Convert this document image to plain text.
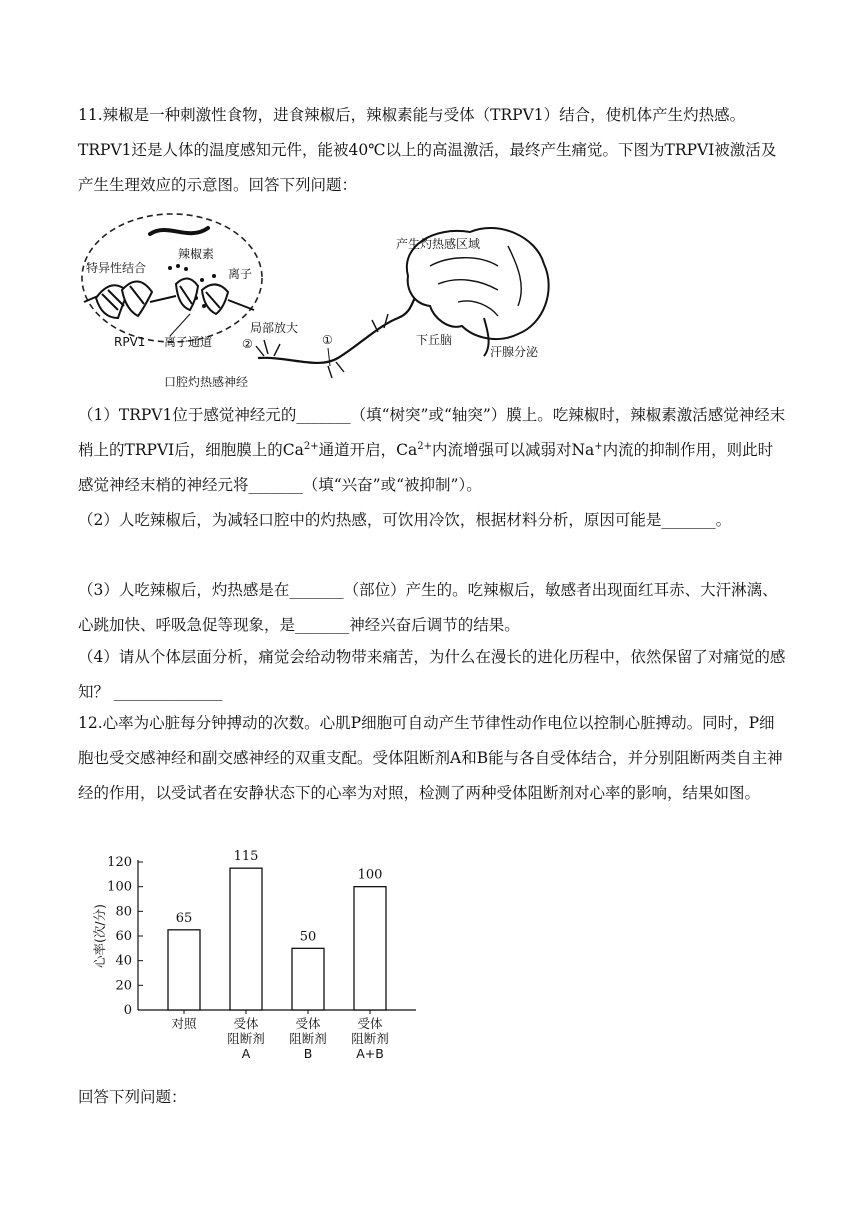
11.辣椒是一种刺激性食物，进食辣椒后，辣椒素能与受体（TRPV1）结合，使机体产生灼热感。TRPV1还是人体的温度感知元件，能被40℃以上的高温激活，最终产生痛觉。下图为TRPVI被激活及产生生理效应的示意图。回答下列问题：
辣椒素
特异性结合	离子
RPV1 离子通道
局部放大
②	①
口腔灼热感神经
产生灼热感区域
下丘脑
汗腺分泌
（1）TRPV1位于感觉神经元的_______（填“树突”或“轴突”）膜上。吃辣椒时，辣椒素激活感觉神经末梢上的TRPVI后，细胞膜上的$Ca^{2+}$通道开启，$Ca^{2+}$内流增强可以减弱对Na+内流的抑制作用，则此时感觉神经末梢的神经元将_______（填“兴奋”或“被抑制”）。
（2）人吃辣椒后，为减轻口腔中的灼热感，可饮用冷饮，根据材料分析，原因可能是_______。
（3）人吃辣椒后，灼热感是在_______（部位）产生的。吃辣椒后，敏感者出现面红耳赤、大汗淋漓、心跳加快、呼吸急促等现象，是_______神经兴奋后调节的结果。
（4）请从个体层面分析，痛觉会给动物带来痛苦，为什么在漫长的进化历程中，依然保留了对痛觉的感知？ ______________
12.心率为心脏每分钟搏动的次数。心肌P细胞可自动产生节律性动作电位以控制心脏搏动。同时，P细胞也受交感神经和副交感神经的双重支配。受体阻断剂A和B能与各自受体结合，并分别阻断两类自主神经的作用，以受试者在安静状态下的心率为对照，检测了两种受体阻断剂对心率的影响，结果如图。
0
20
40
60
80
100
120
心率(次/分)	65
对照
115
受体
阻断剂
A
50
受体
阻断剂
B
100
受体
阻断剂
A+B
回答下列问题：
